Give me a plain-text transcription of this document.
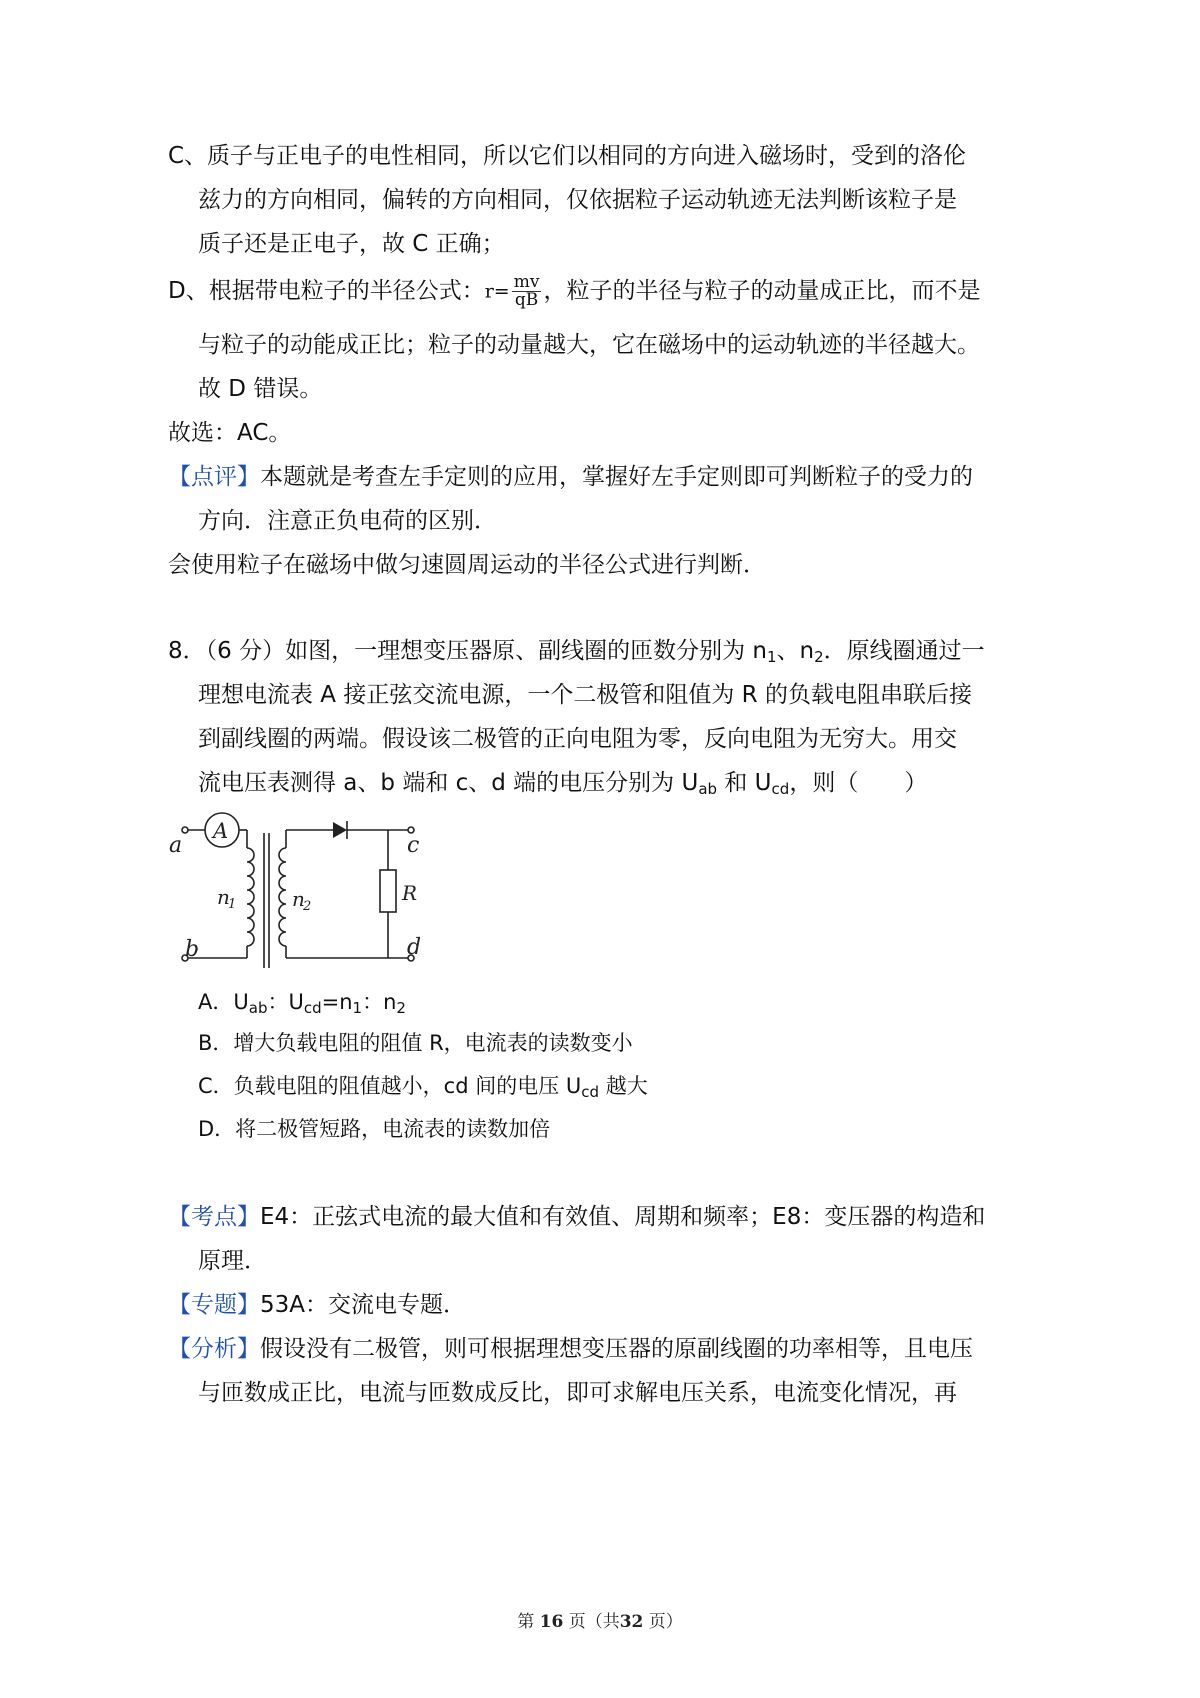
C、质子与正电子的电性相同，所以它们以相同的方向进入磁场时，受到的洛伦
兹力的方向相同，偏转的方向相同，仅依据粒子运动轨迹无法判断该粒子是
质子还是正电子，故 C 正确；
D、根据带电粒子的半径公式：$r= \frac{mv}{qB}$ ，粒子的半径与粒子的动量成正比，而不是
与粒子的动能成正比；粒子的动量越大，它在磁场中的运动轨迹的半径越大。
故 D 错误。
故选：AC。
【点评】本题就是考查左手定则的应用，掌握好左手定则即可判断粒子的受力的
方向．注意正负电荷的区别．
会使用粒子在磁场中做匀速圆周运动的半径公式进行判断．
8．（6 分）如图，一理想变压器原、副线圈的匝数分别为 $n_1$、$n_2$．原线圈通过一
理想电流表 A 接正弦交流电源，一个二极管和阻值为 R 的负载电阻串联后接
到副线圈的两端。假设该二极管的正向电阻为零，反向电阻为无穷大。用交
流电压表测得 a、b 端和 c、d 端的电压分别为 $U_{ab}$ 和 $U_{cd}$，则（　　）
a
A
b
n
1	n
2
R
c
d
A．$U_{ab}$：$U_{cd}=n_1$：$n_2$
B．增大负载电阻的阻值 R，电流表的读数变小
C．负载电阻的阻值越小，cd 间的电压 $U_{cd}$ 越大
D．将二极管短路，电流表的读数加倍
【考点】E4：正弦式电流的最大值和有效值、周期和频率；E8：变压器的构造和
原理．
【专题】53A：交流电专题．
【分析】假设没有二极管，则可根据理想变压器的原副线圈的功率相等，且电压
与匝数成正比，电流与匝数成反比，即可求解电压关系，电流变化情况，再
第 16 页（共32 页）
